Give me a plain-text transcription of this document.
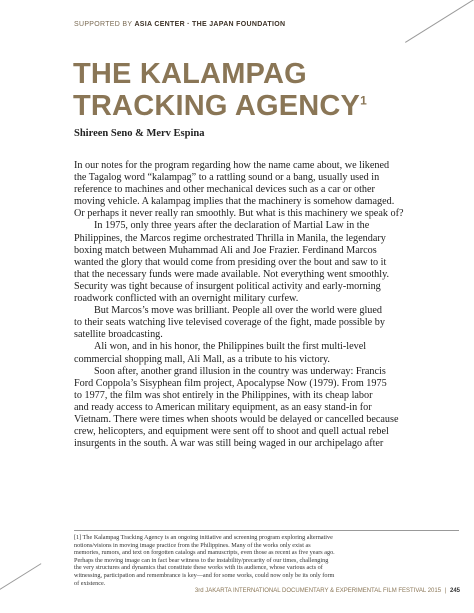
SUPPORTED BY ASIA CENTER · THE JAPAN FOUNDATION
THE KALAMPAG
TRACKING AGENCY$^1$
Shireen Seno & Merv Espina

In our notes for the program regarding how the name came about, we likened

the Tagalog word “kalampag” to a rattling sound or a bang, usually used in

reference to machines and other mechanical devices such as a car or other

moving vehicle. A kalampag implies that the machinery is somehow damaged.

Or perhaps it never really ran smoothly. But what is this machinery we speak of?

In 1975, only three years after the declaration of Martial Law in the

Philippines, the Marcos regime orchestrated Thrilla in Manila, the legendary

boxing match between Muhammad Ali and Joe Frazier. Ferdinand Marcos

wanted the glory that would come from presiding over the bout and saw to it

that the necessary funds were made available. Not everything went smoothly.

Security was tight because of insurgent political activity and early-morning

roadwork conflicted with an overnight military curfew.

But Marcos’s move was brilliant. People all over the world were glued

to their seats watching live televised coverage of the fight, made possible by

satellite broadcasting.

Ali won, and in his honor, the Philippines built the first multi-level

commercial shopping mall, Ali Mall, as a tribute to his victory.

Soon after, another grand illusion in the country was underway: Francis

Ford Coppola’s Sisyphean film project, Apocalypse Now (1979). From 1975

to 1977, the film was shot entirely in the Philippines, with its cheap labor

and ready access to American military equipment, as an easy stand-in for

Vietnam. There were times when shoots would be delayed or cancelled because

crew, helicopters, and equipment were sent off to shoot and quell actual rebel

insurgents in the south. A war was still being waged in our archipelago after

[1] The Kalampag Tracking Agency is an ongoing initiative and screening program exploring alternative

notions/visions in moving image practice from the Philippines. Many of the works only exist as

memories, rumors, and text on forgotten catalogs and manuscripts, even those as recent as five years ago.

Perhaps the moving image can in fact bear witness to the instability/precarity of our times, challenging

the very structures and dynamics that constitute these works with its audience, whose various acts of

witnessing, participation and remembrance is key—and for some works, could now only be its only form

of existence.

3rd JAKARTA INTERNATIONAL DOCUMENTARY & EXPERIMENTAL FILM FESTIVAL 2015 | 245
